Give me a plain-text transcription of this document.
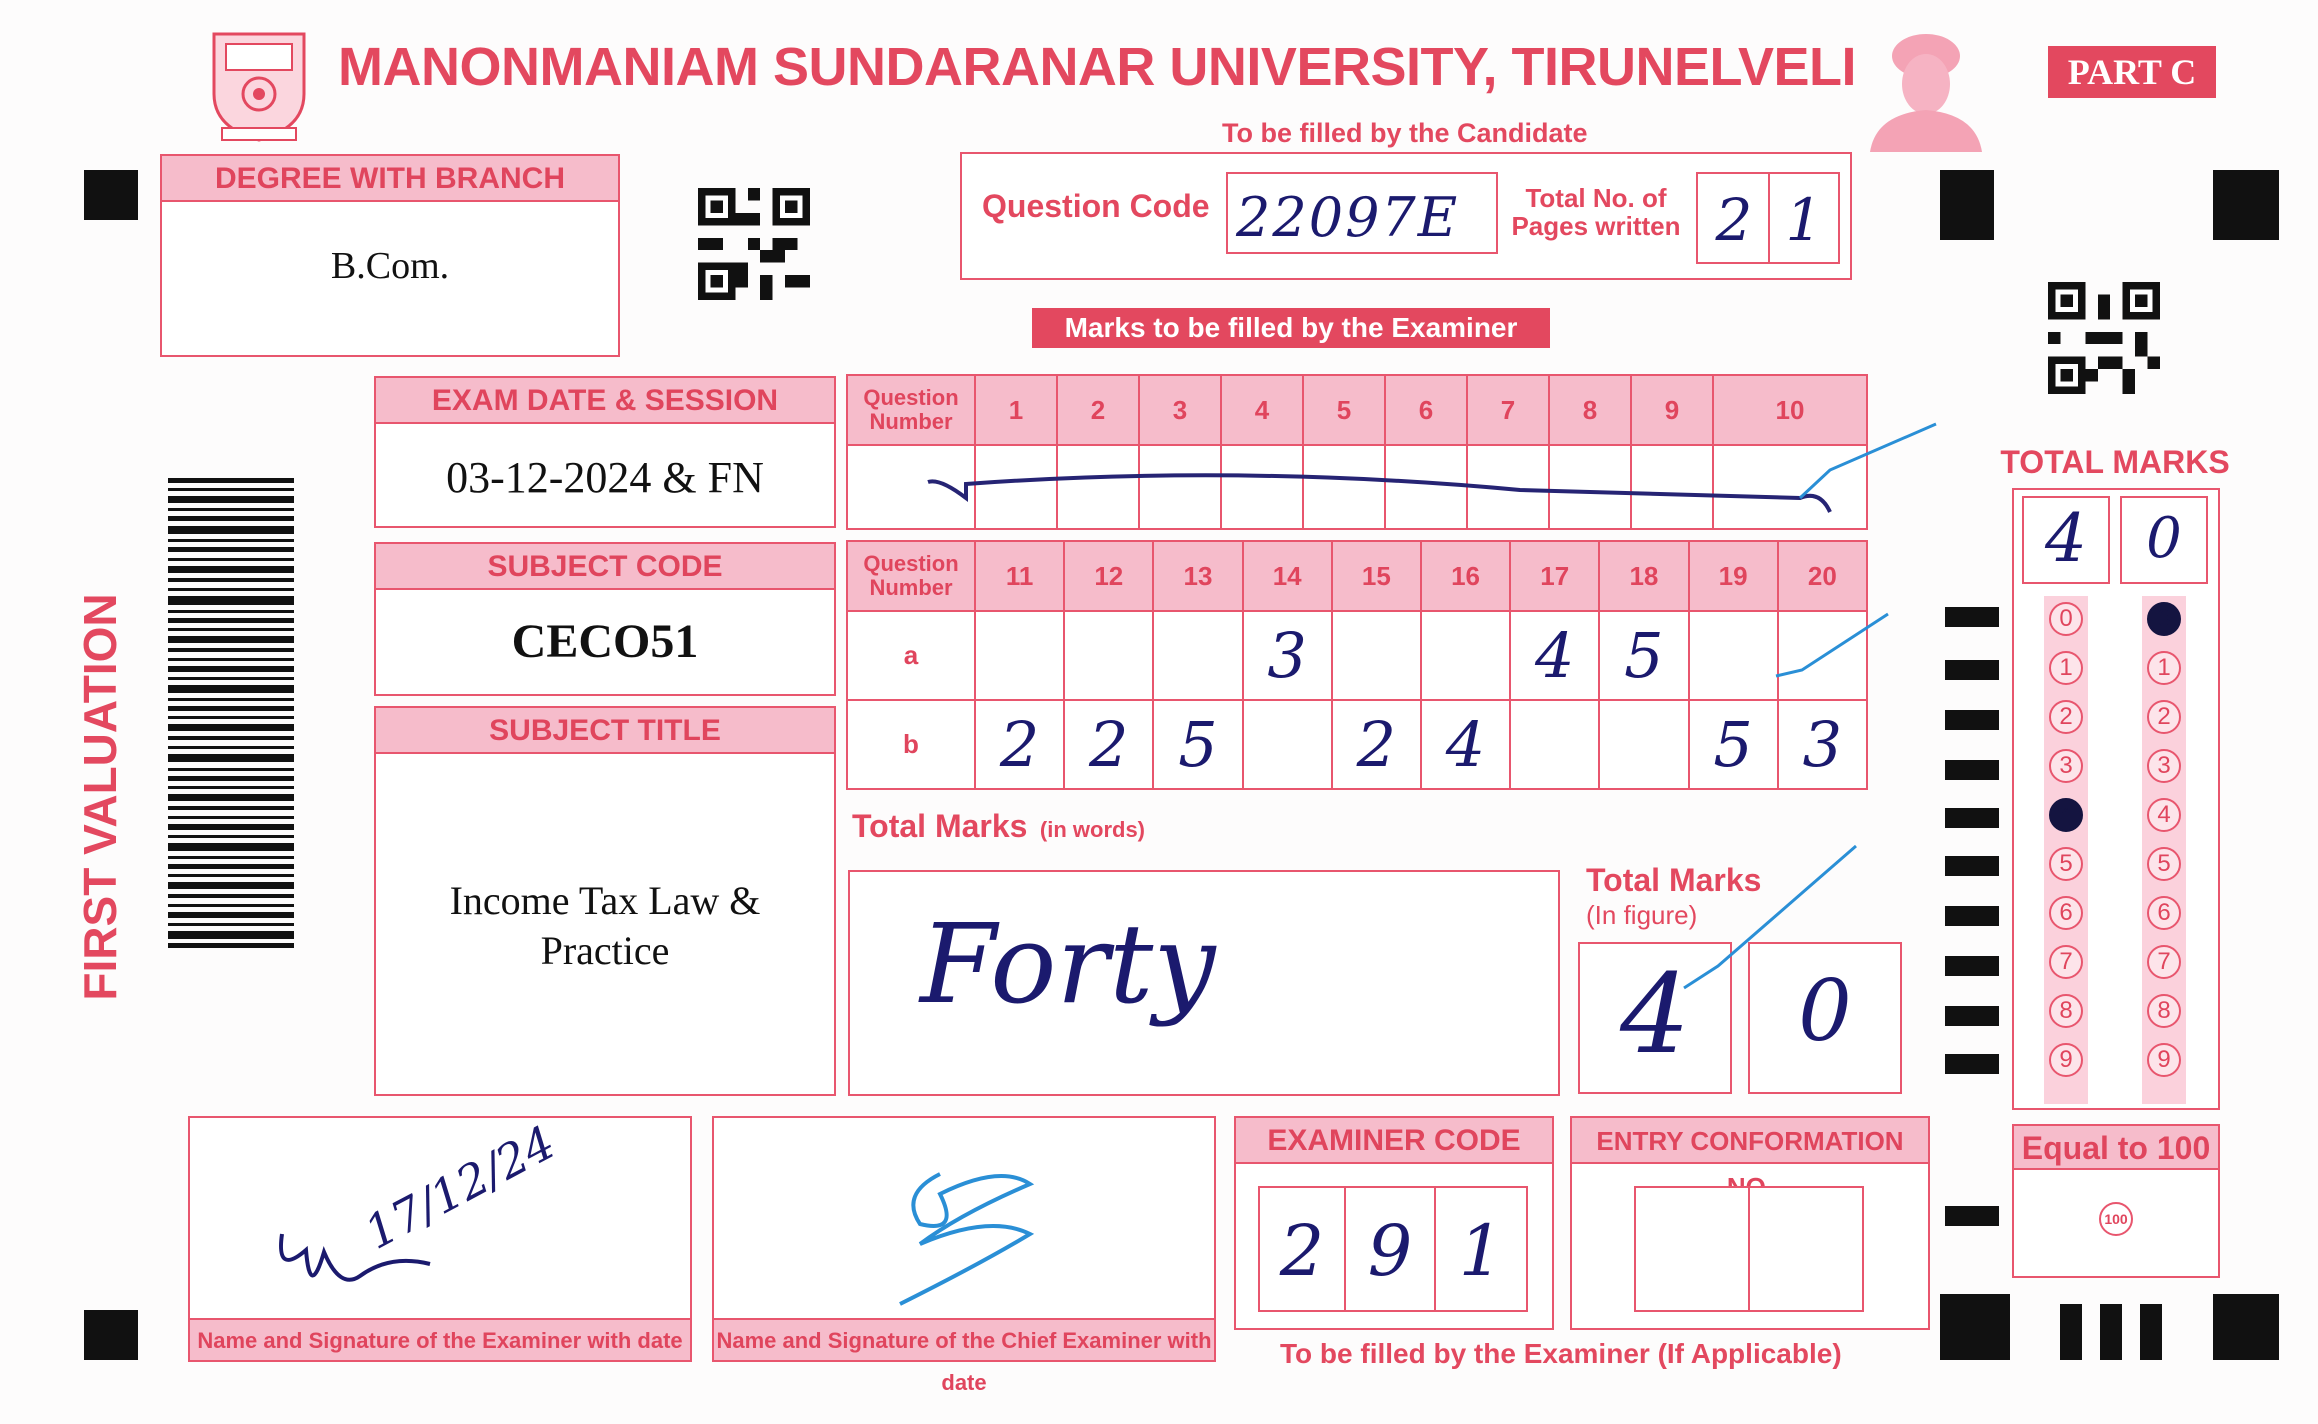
MANONMANIAM SUNDARANAR UNIVERSITY, TIRUNELVELI	PART C
DEGREE WITH BRANCH
B.Com.
To be filled by the Candidate
Question Code 22097E	Total No. of Pages written 2 1
Marks to be filled by the Examiner
EXAM DATE & SESSION
03-12-2024 & FN
SUBJECT CODE
CECO51
SUBJECT TITLE
Income Tax Law & Practice
FIRST VALUATION
Question Number	1	2	3	4	5	6	7	8	9	10

Question Number	11	12	13	14	15	16	17	18	19	20
a				3			4	5		
b	2	2	5		2	4			5	3
Total Marks (in words)
Forty
Total Marks
(In figure)
4	0
TOTAL MARKS
4	0
0
1
2
3
4
5
6
7
8
9
0
1
2
3
4
5
6
7
8
9
Equal to 100
100
Name and Signature of the Examiner with date
17/12/24
Name and Signature of the Chief Examiner with date
EXAMINER CODE
2 9 1
ENTRY CONFORMATION
To be filled by the Examiner (If Applicable)
